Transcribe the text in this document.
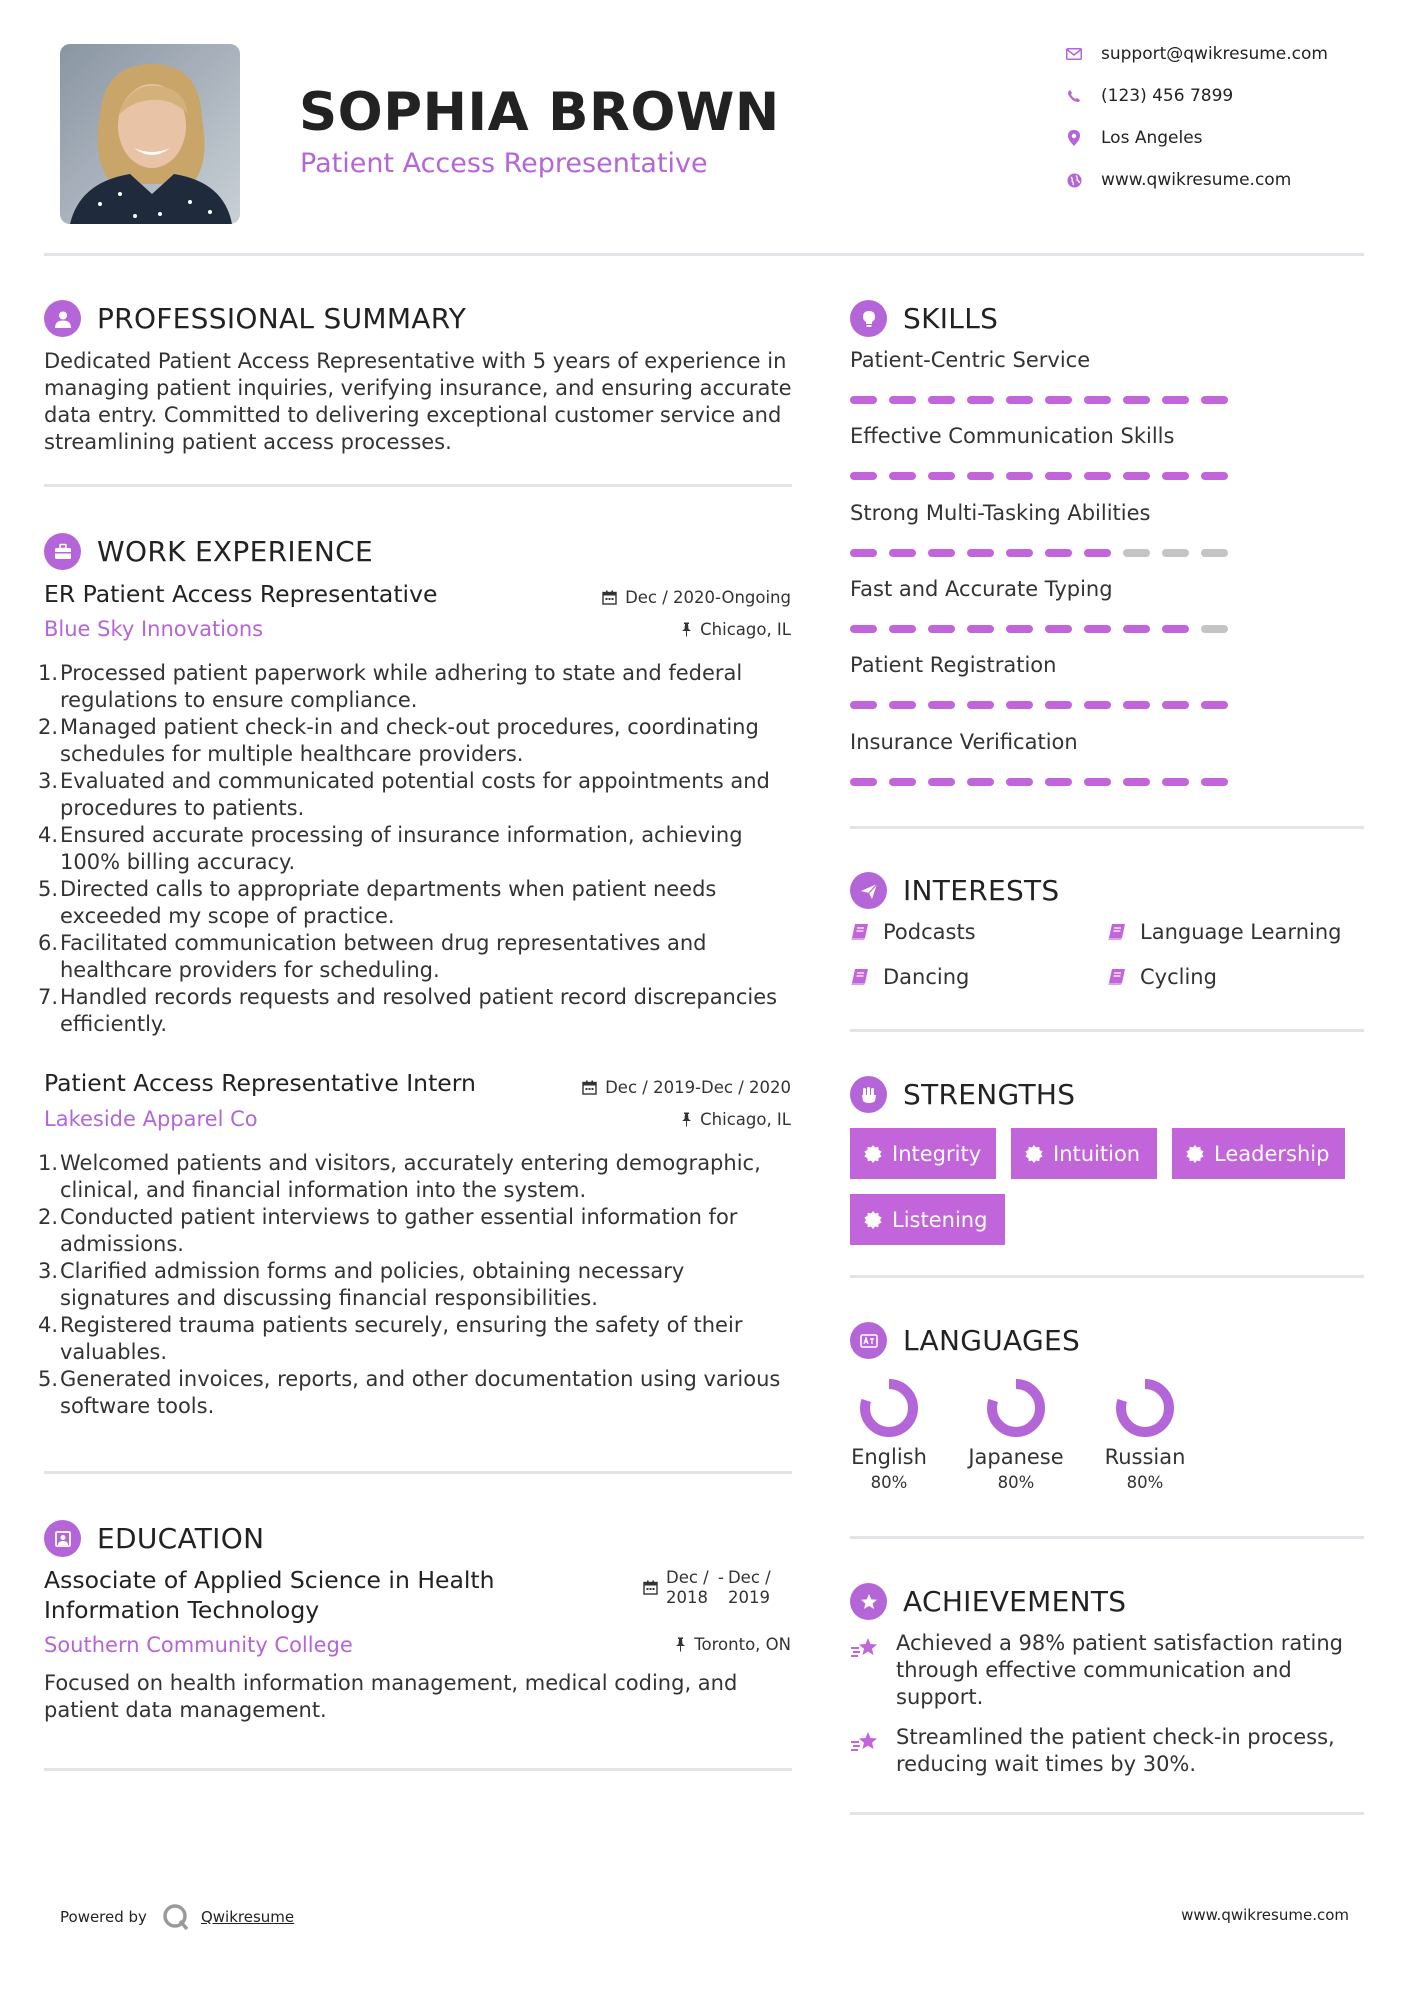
SOPHIA BROWN
Patient Access Representative
support@qwikresume.com
(123) 456 7899
Los Angeles
www.qwikresume.com
PROFESSIONAL SUMMARY
Dedicated Patient Access Representative with 5 years of experience in managing patient inquiries, verifying insurance, and ensuring accurate data entry. Committed to delivering exceptional customer service and streamlining patient access processes.
WORK EXPERIENCE
ER Patient Access Representative	Dec / 2020-Ongoing
Blue Sky Innovations	Chicago, IL
1. Processed patient paperwork while adhering to state and federal regulations to ensure compliance.
2. Managed patient check-in and check-out procedures, coordinating schedules for multiple healthcare providers.
3. Evaluated and communicated potential costs for appointments and procedures to patients.
4. Ensured accurate processing of insurance information, achieving 100% billing accuracy.
5. Directed calls to appropriate departments when patient needs exceeded my scope of practice.
6. Facilitated communication between drug representatives and healthcare providers for scheduling.
7. Handled records requests and resolved patient record discrepancies efficiently.
Patient Access Representative Intern	Dec / 2019-Dec / 2020
Lakeside Apparel Co	Chicago, IL
1. Welcomed patients and visitors, accurately entering demographic, clinical, and financial information into the system.
2. Conducted patient interviews to gather essential information for admissions.
3. Clarified admission forms and policies, obtaining necessary signatures and discussing financial responsibilities.
4. Registered trauma patients securely, ensuring the safety of their valuables.
5. Generated invoices, reports, and other documentation using various software tools.
EDUCATION
Associate of Applied Science in Health Information Technology
Dec / 2018
- Dec / 2019
Southern Community College	Toronto, ON
Focused on health information management, medical coding, and patient data management.
SKILLS
Patient-Centric Service
Effective Communication Skills
Strong Multi-Tasking Abilities
Fast and Accurate Typing
Patient Registration
Insurance Verification
INTERESTS
Podcasts	Language Learning
Dancing	Cycling
STRENGTHS
Integrity	Intuition	Leadership
Listening
LANGUAGES
English
80%
Japanese
80%
Russian
80%
ACHIEVEMENTS
Achieved a 98% patient satisfaction rating through effective communication and support.
Streamlined the patient check-in process, reducing wait times by 30%.
Powered by	Qwikresume	www.qwikresume.com
